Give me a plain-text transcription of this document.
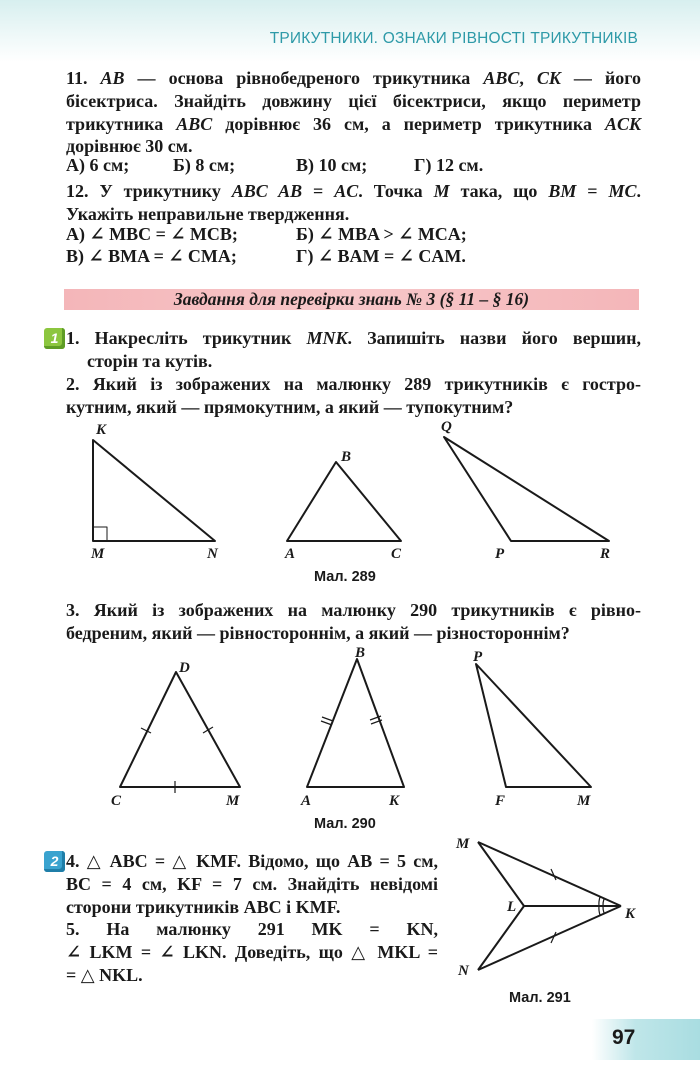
ТРИКУТНИКИ. ОЗНАКИ РІВНОСТІ ТРИКУТНИКІВ
11. AB — основа рівнобедреного трикутника ABC, CK — його
бісектриса. Знайдіть довжину цієї бісектриси, якщо периметр
трикутника ABC дорівнює 36 см, а периметр трикутника ACK
дорівнює 30 см.
А) 6 см; Б) 8 см;	В) 10 см;	Г) 12 см.
12. У трикутнику ABC AB = AC. Точка M така, що BM = MC.
Укажіть неправильне твердження.
А) ∠ MBC = ∠ MCB;	Б) ∠ MBA > ∠ MCA;
В) ∠ BMA = ∠ CMA;	Г) ∠ BAM = ∠ CAM.
Завдання для перевірки знань № 3 (§ 11 – § 16)
1
2
1. Накресліть трикутник MNK. Запишіть назви його вершин,
сторін та кутів.
2. Який із зображених на малюнку 289 трикутників є гостро-
кутним, який — прямокутним, а який — тупокутним?
K
M	N
B
A	C
Q
P	R
Мал. 289
3. Який із зображених на малюнку 290 трикутників є рівно-
бедреним, який — рівностороннім, а який — різностороннім?
D
C	M
B
A	K
P
F	M
Мал. 290
4. △ ABC = △ KMF. Відомо, що AB = 5 см,
BC = 4 см, KF = 7 см. Знайдіть невідомі
сторони трикутників ABC і KMF.
5. На малюнку 291 MK = KN,
∠ LKM = ∠ LKN. Доведіть, що △ MKL =
= △ NKL.
M
L	K
N
Мал. 291
97
